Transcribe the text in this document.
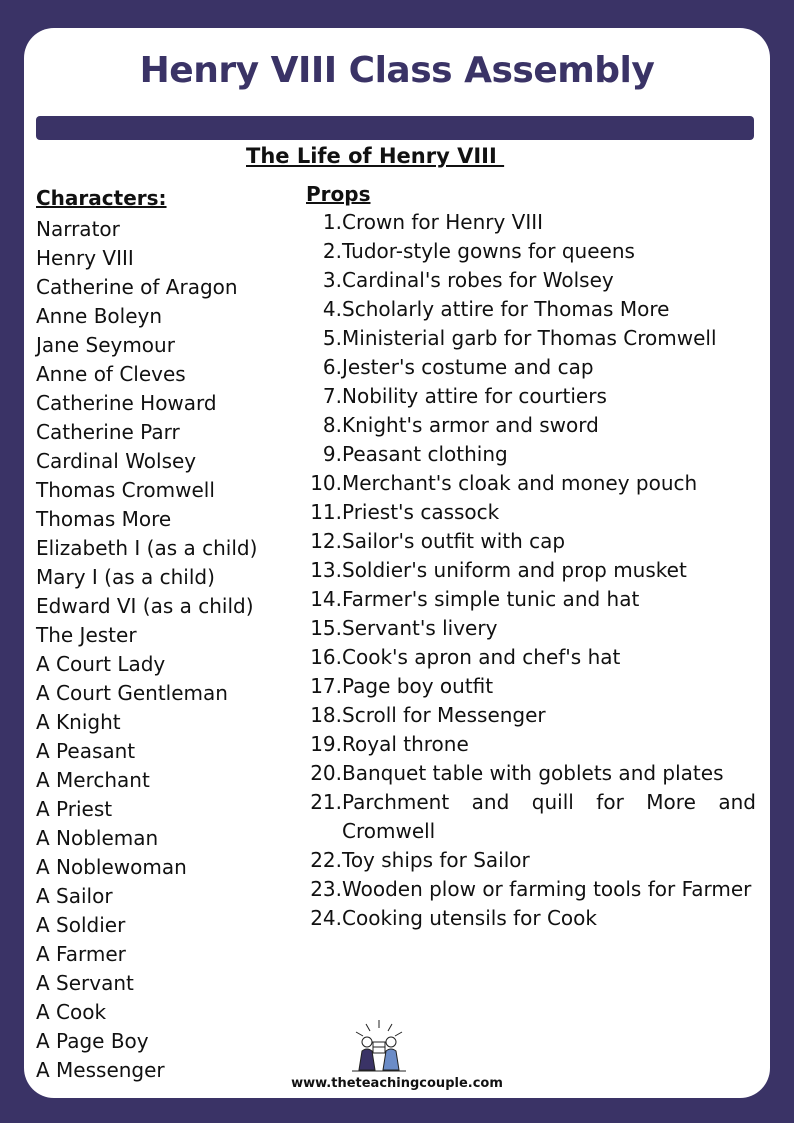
Henry VIII Class Assembly
The Life of Henry VIII
Characters:
Narrator
Henry VIII
Catherine of Aragon
Anne Boleyn
Jane Seymour
Anne of Cleves
Catherine Howard
Catherine Parr
Cardinal Wolsey
Thomas Cromwell
Thomas More
Elizabeth I (as a child)
Mary I (as a child)
Edward VI (as a child)
The Jester
A Court Lady
A Court Gentleman
A Knight
A Peasant
A Merchant
A Priest
A Nobleman
A Noblewoman
A Sailor
A Soldier
A Farmer
A Servant
A Cook
A Page Boy
A Messenger
Props
1. Crown for Henry VIII
2. Tudor-style gowns for queens
3. Cardinal's robes for Wolsey
4. Scholarly attire for Thomas More
5. Ministerial garb for Thomas Cromwell
6. Jester's costume and cap
7. Nobility attire for courtiers
8. Knight's armor and sword
9. Peasant clothing
10. Merchant's cloak and money pouch
11. Priest's cassock
12. Sailor's outfit with cap
13. Soldier's uniform and prop musket
14. Farmer's simple tunic and hat
15. Servant's livery
16. Cook's apron and chef's hat
17. Page boy outfit
18. Scroll for Messenger
19. Royal throne
20. Banquet table with goblets and plates
21. Parchment and quill for More and Cromwell
22. Toy ships for Sailor
23. Wooden plow or farming tools for Farmer
24. Cooking utensils for Cook
www.theteachingcouple.com
